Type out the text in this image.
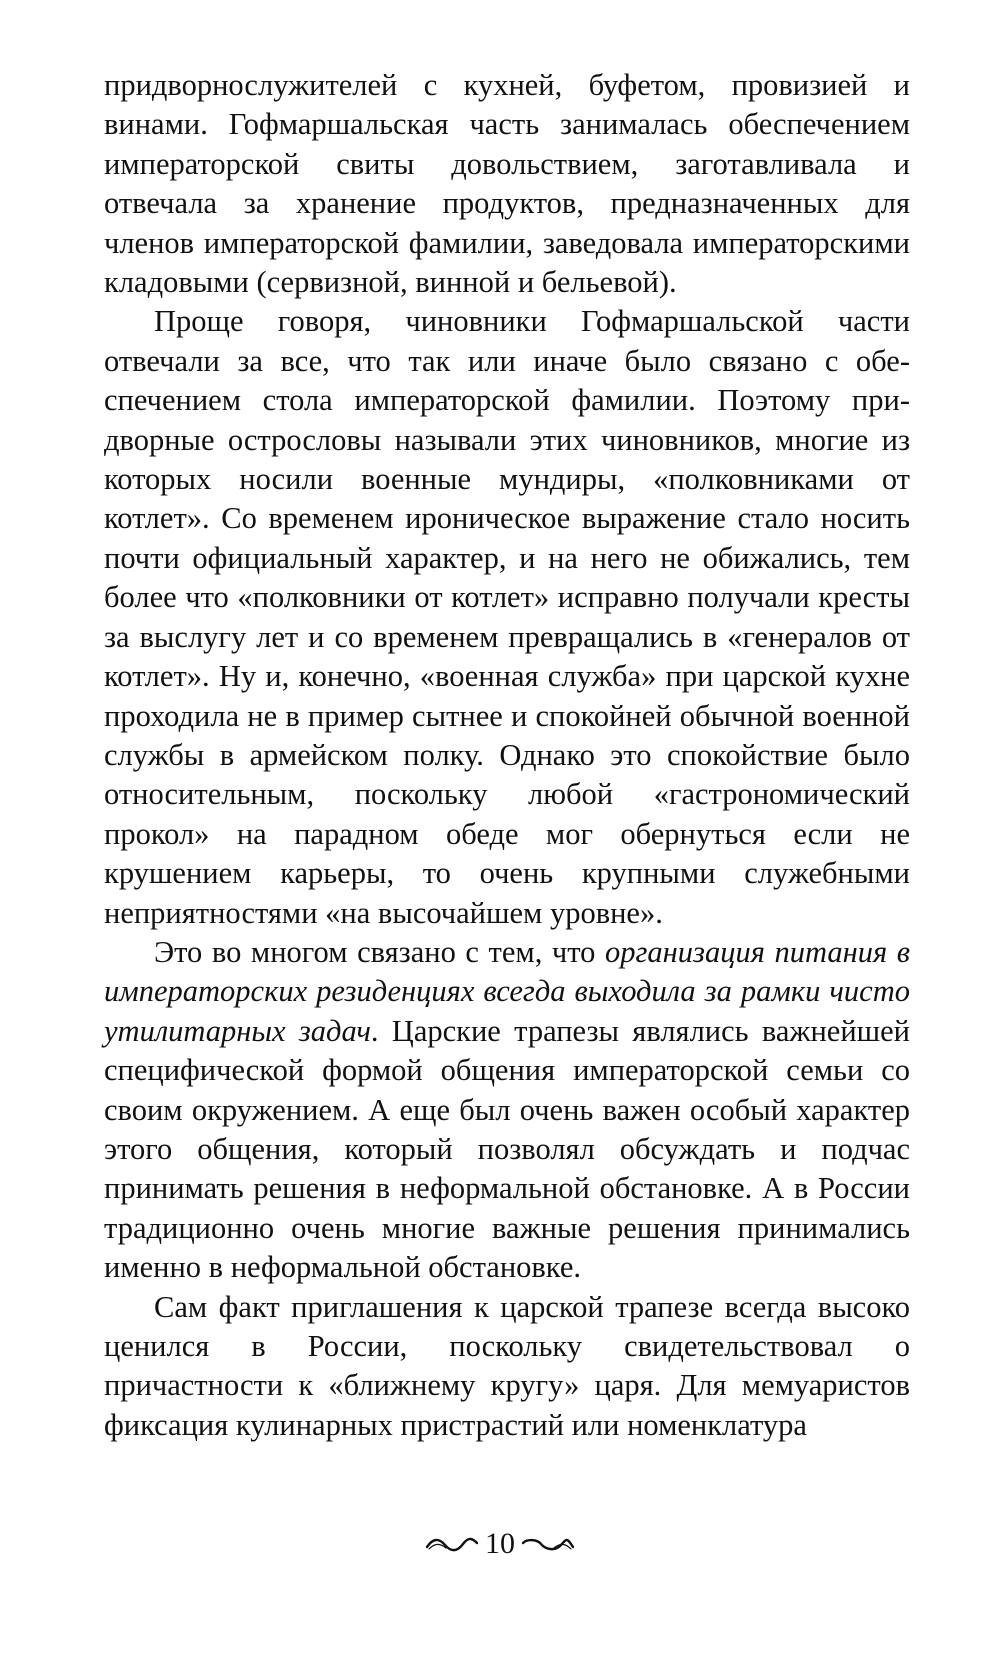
придворнослужителей с кухней, буфетом, провизией и винами. Гофмаршальская часть занималась обеспечением императорской свиты довольствием, заготавливала и отвечала за хранение продуктов, предназначенных для членов императорской фамилии, заведовала императорскими кладовыми (сервизной, винной и бельевой).

Проще говоря, чиновники Гофмаршальской части отвечали за все, что так или иначе было связано с обеспечением стола императорской фамилии. Поэтому придворные острословы называли этих чиновников, многие из которых носили военные мундиры, «полковниками от котлет». Со временем ироническое выражение стало носить почти официальный характер, и на него не обижались, тем более что «полковники от котлет» исправно получали кресты за выслугу лет и со временем превращались в «генералов от котлет». Ну и, конечно, «военная служба» при царской кухне проходила не в пример сытнее и спокойней обычной военной службы в армейском полку. Однако это спокойствие было относительным, поскольку любой «гастрономический прокол» на парадном обеде мог обернуться если не крушением карьеры, то очень крупными служебными неприятностями «на высочайшем уровне».

Это во многом связано с тем, что организация питания в императорских резиденциях всегда выходила за рамки чисто утилитарных задач. Царские трапезы являлись важнейшей специфической формой общения императорской семьи со своим окружением. А еще был очень важен особый характер этого общения, который позволял обсуждать и подчас принимать решения в неформальной обстановке. А в России традиционно очень многие важные решения принимались именно в неформальной обстановке.

Сам факт приглашения к царской трапезе всегда высоко ценился в России, поскольку свидетельствовал о причастности к «ближнему кругу» царя. Для мемуаристов фиксация кулинарных пристрастий или номенклатура

10
